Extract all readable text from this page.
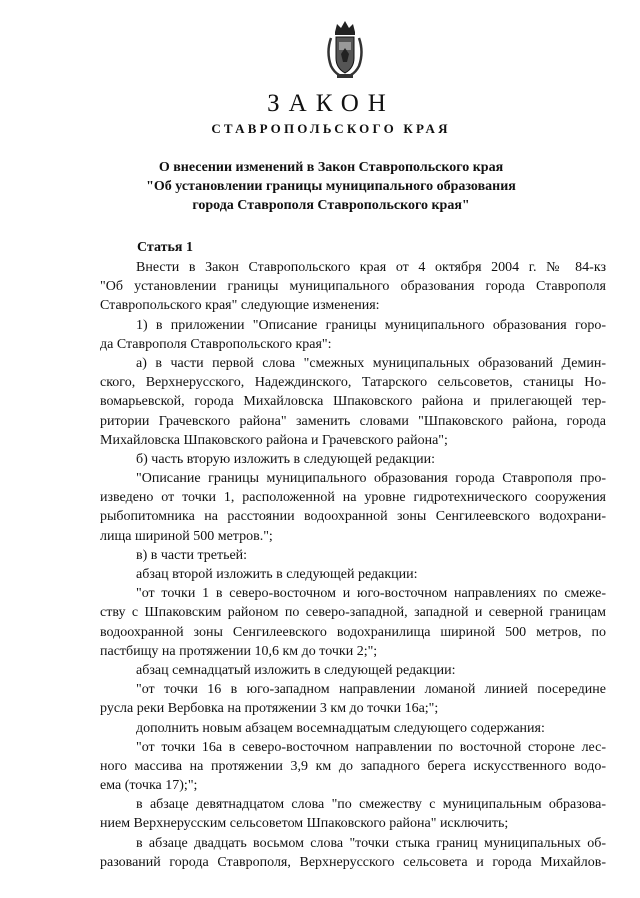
ЗАКОН
СТАВРОПОЛЬСКОГО КРАЯ
О внесении изменений в Закон Ставропольского края
"Об установлении границы муниципального образования
города Ставрополя Ставропольского края"
Статья 1
Внести в Закон Ставропольского края от 4 октября 2004 г. № 84-кз
"Об установлении границы муниципального образования города Ставрополя
Ставропольского края" следующие изменения:
1) в приложении "Описание границы муниципального образования горо-
да Ставрополя Ставропольского края":
а) в части первой слова "смежных муниципальных образований Демин-
ского, Верхнерусского, Надеждинского, Татарского сельсоветов, станицы Но-
вомарьевской, города Михайловска Шпаковского района и прилегающей тер-
ритории Грачевского района" заменить словами "Шпаковского района, города
Михайловска Шпаковского района и Грачевского района";
б) часть вторую изложить в следующей редакции:
"Описание границы муниципального образования города Ставрополя про-
изведено от точки 1, расположенной на уровне гидротехнического сооружения
рыбопитомника на расстоянии водоохранной зоны Сенгилеевского водохрани-
лища шириной 500 метров.";
в) в части третьей:
абзац второй изложить в следующей редакции:
"от точки 1 в северо-восточном и юго-восточном направлениях по смеже-
ству с Шпаковским районом по северо-западной, западной и северной границам
водоохранной зоны Сенгилеевского водохранилища шириной 500 метров, по
пастбищу на протяжении 10,6 км до точки 2;";
абзац семнадцатый изложить в следующей редакции:
"от точки 16 в юго-западном направлении ломаной линией посередине
русла реки Вербовка на протяжении 3 км до точки 16а;";
дополнить новым абзацем восемнадцатым следующего содержания:
"от точки 16а в северо-восточном направлении по восточной стороне лес-
ного массива на протяжении 3,9 км до западного берега искусственного водо-
ема (точка 17);";
в абзаце девятнадцатом слова "по смежеству с муниципальным образова-
нием Верхнерусским сельсоветом Шпаковского района" исключить;
в абзаце двадцать восьмом слова "точки стыка границ муниципальных об-
разований города Ставрополя, Верхнерусского сельсовета и города Михайлов-
